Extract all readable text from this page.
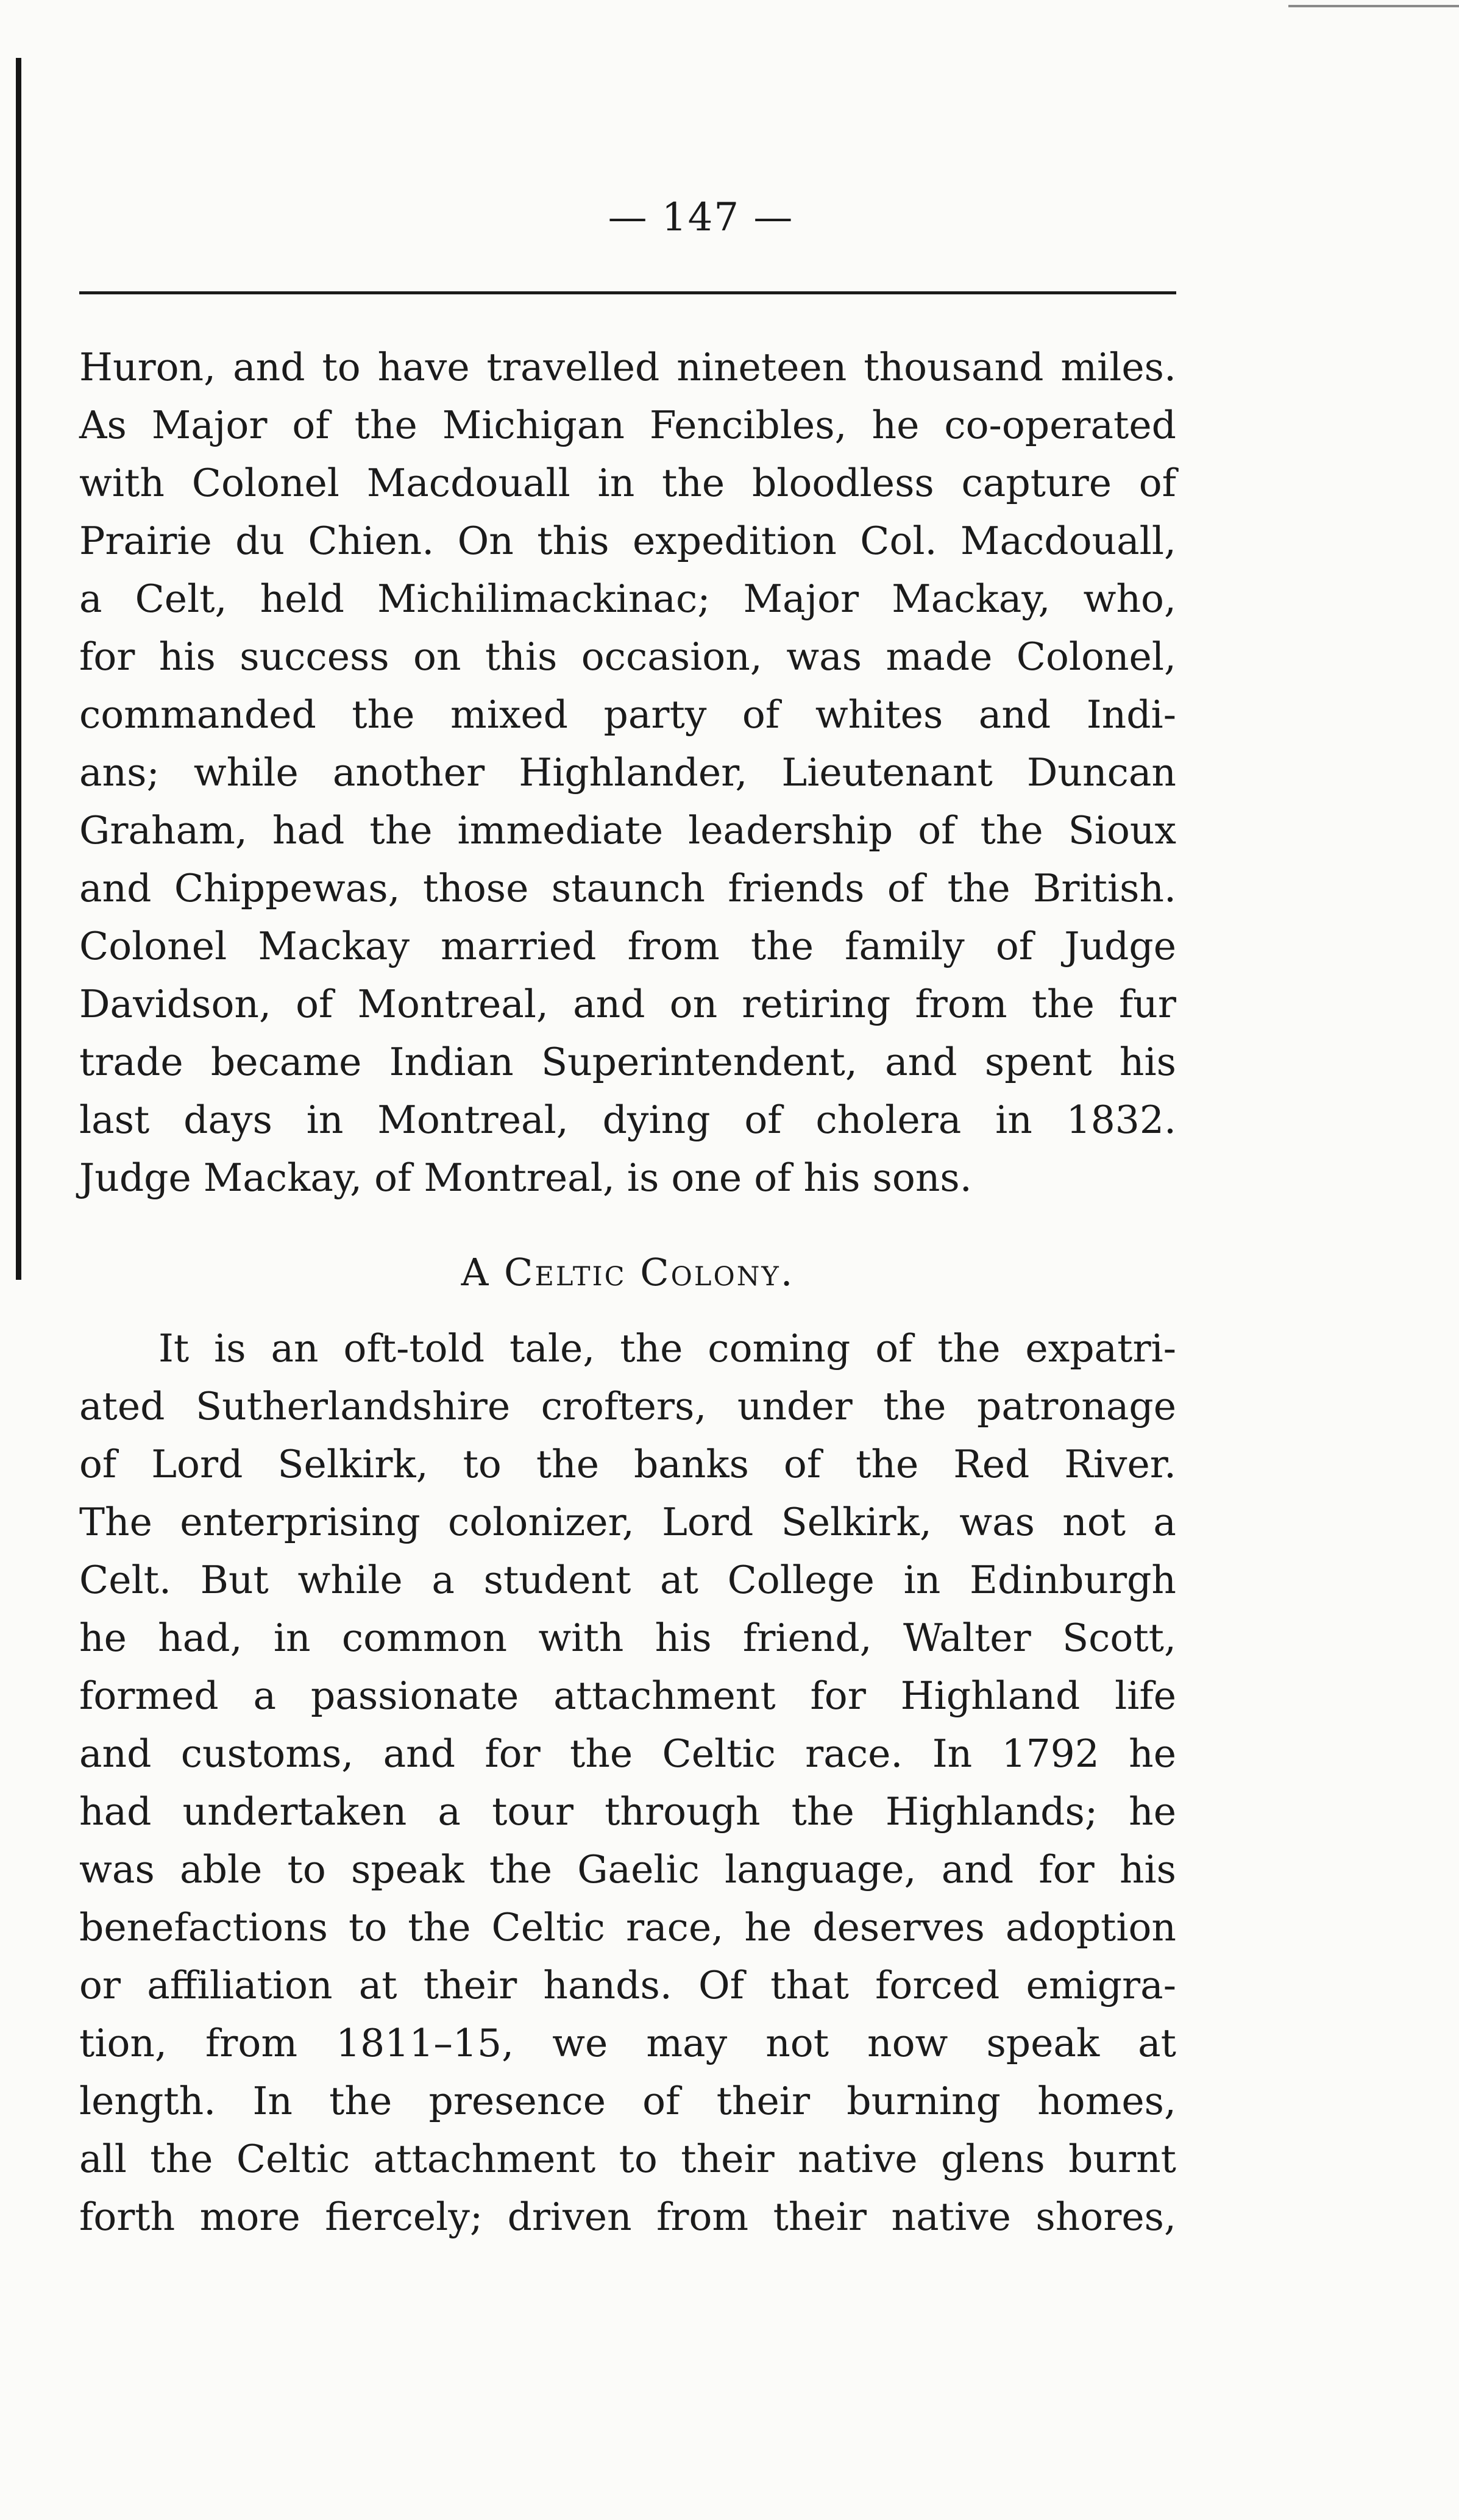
— 147 —
Huron, and to have travelled nineteen thousand miles.
As Major of the Michigan Fencibles, he co-operated
with Colonel Macdouall in the bloodless capture of
Prairie du Chien. On this expedition Col. Macdouall,
a Celt, held Michilimackinac; Major Mackay, who,
for his success on this occasion, was made Colonel,
commanded the mixed party of whites and Indi-
ans; while another Highlander, Lieutenant Duncan
Graham, had the immediate leadership of the Sioux
and Chippewas, those staunch friends of the British.
Colonel Mackay married from the family of Judge
Davidson, of Montreal, and on retiring from the fur
trade became Indian Superintendent, and spent his
last days in Montreal, dying of cholera in 1832.
Judge Mackay, of Montreal, is one of his sons.
A Celtic Colony.
It is an oft-told tale, the coming of the expatri-
ated Sutherlandshire crofters, under the patronage
of Lord Selkirk, to the banks of the Red River.
The enterprising colonizer, Lord Selkirk, was not a
Celt. But while a student at College in Edinburgh
he had, in common with his friend, Walter Scott,
formed a passionate attachment for Highland life
and customs, and for the Celtic race. In 1792 he
had undertaken a tour through the Highlands; he
was able to speak the Gaelic language, and for his
benefactions to the Celtic race, he deserves adoption
or affiliation at their hands. Of that forced emigra-
tion, from 1811–15, we may not now speak at
length. In the presence of their burning homes,
all the Celtic attachment to their native glens burnt
forth more fiercely; driven from their native shores,
